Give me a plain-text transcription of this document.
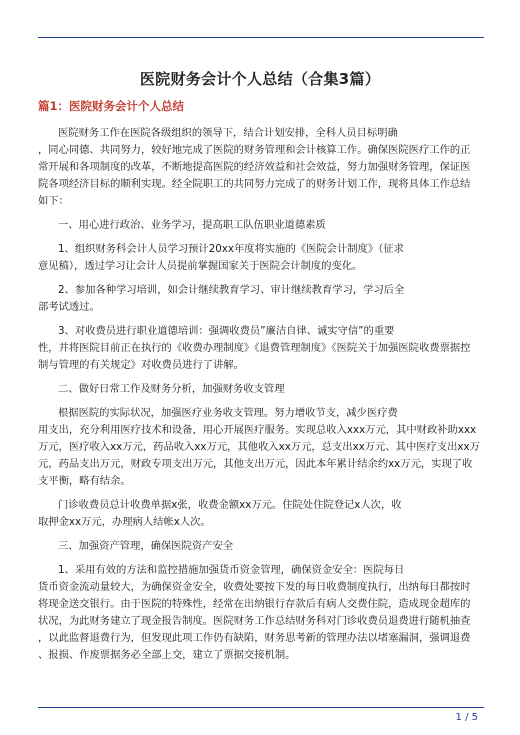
医院财务会计个人总结（合集3篇）
篇1：医院财务会计个人总结

医院财务工作在医院各级组织的领导下，结合计划安排，全科人员目标明确
，同心同德、共同努力，较好地完成了医院的财务管理和会计核算工作。确保医院医疗工作的正
常开展和各项制度的改革，不断地提高医院的经济效益和社会效益，努力加强财务管理，保证医
院各项经济目标的顺利实现。经全院职工的共同努力完成了的财务计划工作，现将具体工作总结
如下：

一、用心进行政治、业务学习，提高职工队伍职业道德素质

1、组织财务科会计人员学习预计20xx年度将实施的《医院会计制度》（征求
意见稿），透过学习让会计人员提前掌握国家关于医院会计制度的变化。

2、参加各种学习培训，如会计继续教育学习、审计继续教育学习，学习后全
部考试透过。

3、对收费员进行职业道德培训：强调收费员”廉洁自律、诚实守信”的重要
性，并将医院目前正在执行的《收费办理制度》《退费管理制度》《医院关于加强医院收费票据控
制与管理的有关规定》对收费员进行了讲解。

二、做好日常工作及财务分析，加强财务收支管理

根据医院的实际状况，加强医疗业务收支管理。努力增收节支，减少医疗费
用支出，充分利用医疗技术和设备，用心开展医疗服务。实现总收入xxx万元，其中财政补助xxx
万元，医疗收入xx万元，药品收入xx万元，其他收入xx万元，总支出xx万元、其中医疗支出xx万
元，药品支出万元，财政专项支出万元，其他支出万元，因此本年累计结余约xx万元，实现了收
支平衡，略有结余。

门诊收费员总计收费单据x张，收费金额xx万元。住院处住院登记x人次，收
取押金xx万元，办理病人结帐x人次。

三、加强资产管理，确保医院资产安全

1、采用有效的方法和监控措施加强货币资金管理，确保资金安全：医院每日
货币资金流动量较大，为确保资金安全，收费处要按下发的每日收费制度执行，出纳每日都按时
将现金送交银行。由于医院的特殊性，经常在出纳银行存款后有病人交费住院，造成现金超库的
状况，为此财务建立了现金报告制度。医院财务工作总结财务科对门诊收费员退费进行随机抽查
，以此监督退费行为，但发现此项工作仍有缺陷，财务思考新的管理办法以堵塞漏洞，强调退费
、报损、作废票据务必全部上交，建立了票据交接机制。

1 / 5
